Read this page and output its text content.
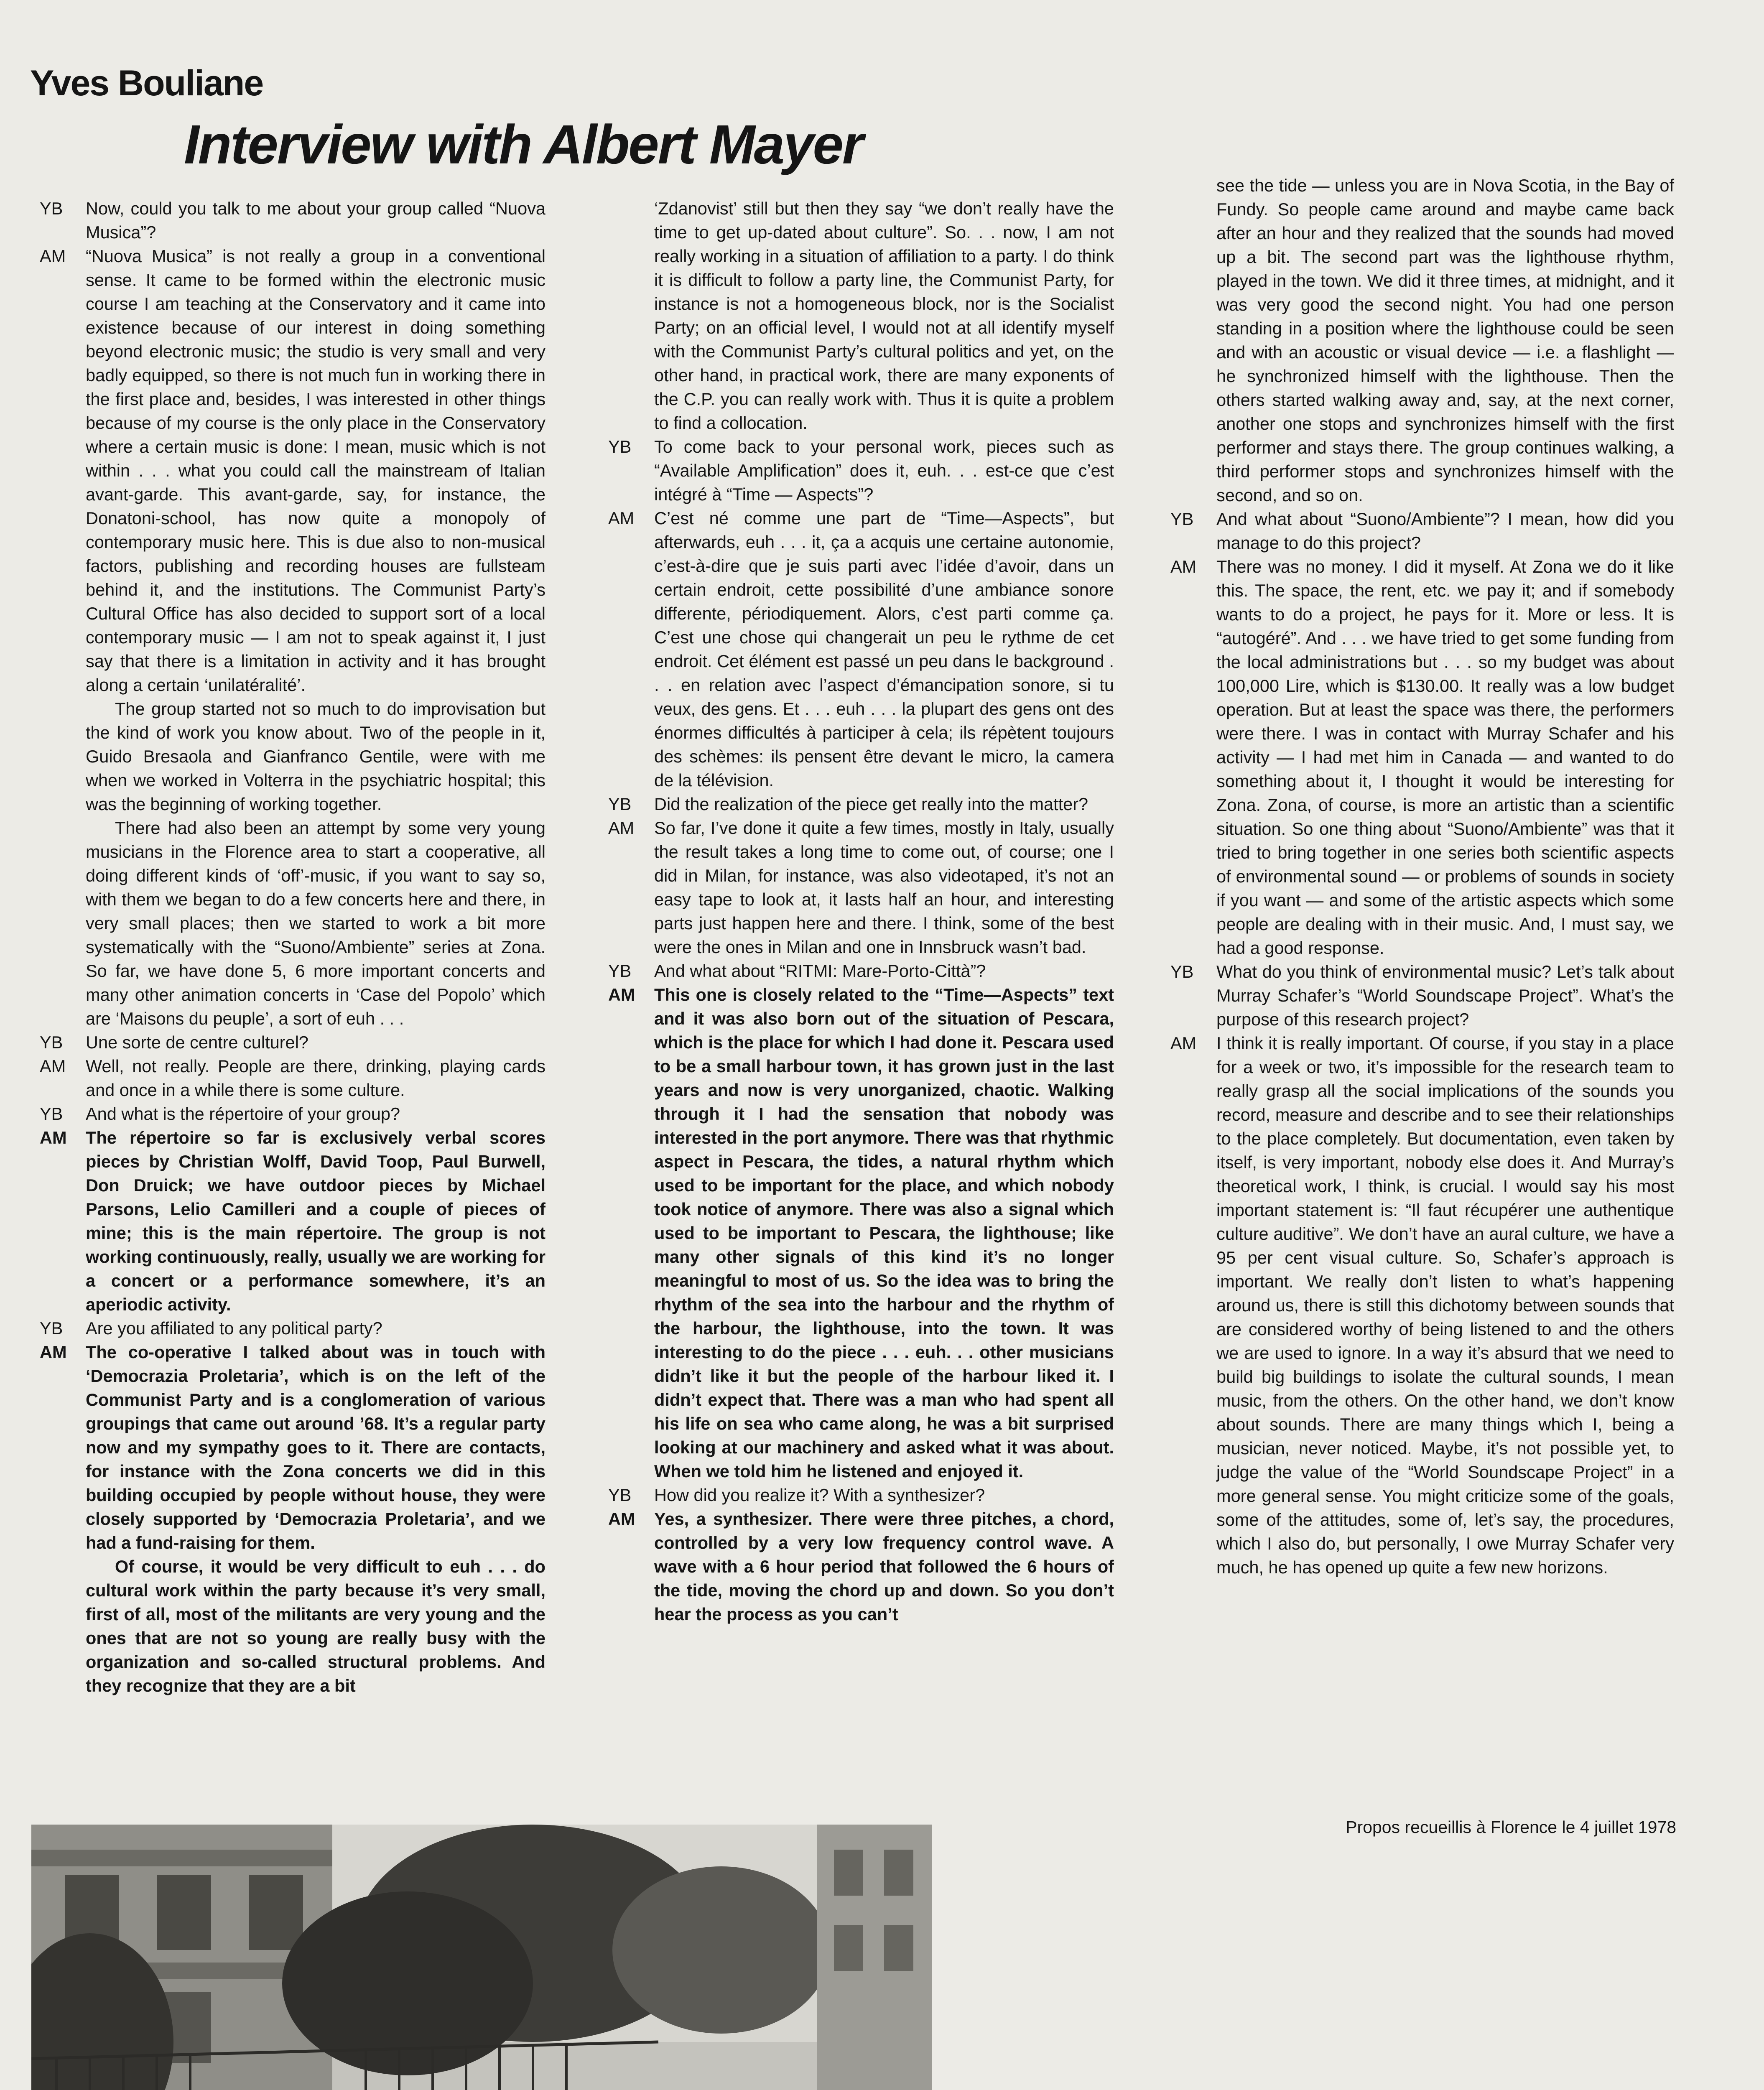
Yves Bouliane
Interview with Albert Mayer
YB	Now, could you talk to me about your group called “Nuova Musica”?
AM	“Nuova Musica” is not really a group in a conventional sense. It came to be formed within the electronic music course I am teaching at the Conservatory and it came into existence because of our interest in doing something beyond electronic music; the studio is very small and very badly equipped, so there is not much fun in working there in the first place and, besides, I was interested in other things because of my course is the only place in the Conservatory where a certain music is done: I mean, music which is not within . . . what you could call the mainstream of Italian avant-garde. This avant-garde, say, for instance, the Donatoni-school, has now quite a monopoly of contemporary music here. This is due also to non-musical factors, publishing and recording houses are fullsteam behind it, and the institutions. The Communist Party’s Cultural Office has also decided to support sort of a local contemporary music — I am not to speak against it, I just say that there is a limitation in activity and it has brought along a certain ‘unilatéralité’.
The group started not so much to do improvisation but the kind of work you know about. Two of the people in it, Guido Bresaola and Gianfranco Gentile, were with me when we worked in Volterra in the psychiatric hospital; this was the beginning of working together.
There had also been an attempt by some very young musicians in the Florence area to start a cooperative, all doing different kinds of ‘off’-music, if you want to say so, with them we began to do a few concerts here and there, in very small places; then we started to work a bit more systematically with the “Suono/Ambiente” series at Zona. So far, we have done 5, 6 more important concerts and many other animation concerts in ‘Case del Popolo’ which are ‘Maisons du peuple’, a sort of euh . . .
YB	Une sorte de centre culturel?
AM	Well, not really. People are there, drinking, playing cards and once in a while there is some culture.
YB	And what is the répertoire of your group?
AM	The répertoire so far is exclusively verbal scores pieces by Christian Wolff, David Toop, Paul Burwell, Don Druick; we have outdoor pieces by Michael Parsons, Lelio Camilleri and a couple of pieces of mine; this is the main répertoire. The group is not working continuously, really, usually we are working for a concert or a performance somewhere, it’s an aperiodic activity.
YB	Are you affiliated to any political party?
AM	The co-operative I talked about was in touch with ‘Democrazia Proletaria’, which is on the left of the Communist Party and is a conglomeration of various groupings that came out around ’68. It’s a regular party now and my sympathy goes to it. There are contacts, for instance with the Zona concerts we did in this building occupied by people without house, they were closely supported by ‘Democrazia Proletaria’, and we had a fund-raising for them.
Of course, it would be very difficult to euh . . . do cultural work within the party because it’s very small, first of all, most of the militants are very young and the ones that are not so young are really busy with the organization and so-called structural problems. And they recognize that they are a bit
‘Zdanovist’ still but then they say “we don’t really have the time to get up-dated about culture”. So. . . now, I am not really working in a situation of affiliation to a party. I do think it is difficult to follow a party line, the Communist Party, for instance is not a homogeneous block, nor is the Socialist Party; on an official level, I would not at all identify myself with the Communist Party’s cultural politics and yet, on the other hand, in practical work, there are many exponents of the C.P. you can really work with. Thus it is quite a problem to find a collocation.
YB	To come back to your personal work, pieces such as “Available Amplification” does it, euh. . . est-ce que c’est intégré à “Time — Aspects”?
AM	C’est né comme une part de “Time—Aspects”, but afterwards, euh . . . it, ça a acquis une certaine autonomie, c’est-à-dire que je suis parti avec l’idée d’avoir, dans un certain endroit, cette possibilité d’une ambiance sonore differente, périodiquement. Alors, c’est parti comme ça. C’est une chose qui changerait un peu le rythme de cet endroit. Cet élément est passé un peu dans le background . . . en relation avec l’aspect d’émancipation sonore, si tu veux, des gens. Et . . . euh . . . la plupart des gens ont des énormes difficultés à participer à cela; ils répètent toujours des schèmes: ils pensent être devant le micro, la camera de la télévision.
YB	Did the realization of the piece get really into the matter?
AM	So far, I’ve done it quite a few times, mostly in Italy, usually the result takes a long time to come out, of course; one I did in Milan, for instance, was also videotaped, it’s not an easy tape to look at, it lasts half an hour, and interesting parts just happen here and there. I think, some of the best were the ones in Milan and one in Innsbruck wasn’t bad.
YB	And what about “RITMI: Mare-Porto-Città”?
AM	This one is closely related to the “Time—Aspects” text and it was also born out of the situation of Pescara, which is the place for which I had done it. Pescara used to be a small harbour town, it has grown just in the last years and now is very unorganized, chaotic. Walking through it I had the sensation that nobody was interested in the port anymore. There was that rhythmic aspect in Pescara, the tides, a natural rhythm which used to be important for the place, and which nobody took notice of anymore. There was also a signal which used to be important to Pescara, the lighthouse; like many other signals of this kind it’s no longer meaningful to most of us. So the idea was to bring the rhythm of the sea into the harbour and the rhythm of the harbour, the lighthouse, into the town. It was interesting to do the piece . . . euh. . . other musicians didn’t like it but the people of the harbour liked it. I didn’t expect that. There was a man who had spent all his life on sea who came along, he was a bit surprised looking at our machinery and asked what it was about. When we told him he listened and enjoyed it.
YB	How did you realize it? With a synthesizer?
AM	Yes, a synthesizer. There were three pitches, a chord, controlled by a very low frequency control wave. A wave with a 6 hour period that followed the 6 hours of the tide, moving the chord up and down. So you don’t hear the process as you can’t
see the tide — unless you are in Nova Scotia, in the Bay of Fundy. So people came around and maybe came back after an hour and they realized that the sounds had moved up a bit. The second part was the lighthouse rhythm, played in the town. We did it three times, at midnight, and it was very good the second night. You had one person standing in a position where the lighthouse could be seen and with an acoustic or visual device — i.e. a flashlight — he synchronized himself with the lighthouse. Then the others started walking away and, say, at the next corner, another one stops and synchronizes himself with the first performer and stays there. The group continues walking, a third performer stops and synchronizes himself with the second, and so on.
YB	And what about “Suono/Ambiente”? I mean, how did you manage to do this project?
AM	There was no money. I did it myself. At Zona we do it like this. The space, the rent, etc. we pay it; and if somebody wants to do a project, he pays for it. More or less. It is “autogéré”. And . . . we have tried to get some funding from the local administrations but . . . so my budget was about 100,000 Lire, which is $130.00. It really was a low budget operation. But at least the space was there, the performers were there. I was in contact with Murray Schafer and his activity — I had met him in Canada — and wanted to do something about it, I thought it would be interesting for Zona. Zona, of course, is more an artistic than a scientific situation. So one thing about “Suono/Ambiente” was that it tried to bring together in one series both scientific aspects of environmental sound — or problems of sounds in society if you want — and some of the artistic aspects which some people are dealing with in their music. And, I must say, we had a good response.
YB	What do you think of environmental music? Let’s talk about Murray Schafer’s “World Soundscape Project”. What’s the purpose of this research project?
AM	I think it is really important. Of course, if you stay in a place for a week or two, it’s impossible for the research team to really grasp all the social implications of the sounds you record, measure and describe and to see their relationships to the place completely. But documentation, even taken by itself, is very important, nobody else does it. And Murray’s theoretical work, I think, is crucial. I would say his most important statement is: “Il faut récupérer une authentique culture auditive”. We don’t have an aural culture, we have a 95 per cent visual culture. So, Schafer’s approach is important. We really don’t listen to what’s happening around us, there is still this dichotomy between sounds that are considered worthy of being listened to and the others we are used to ignore. In a way it’s absurd that we need to build big buildings to isolate the cultural sounds, I mean music, from the others. On the other hand, we don’t know about sounds. There are many things which I, being a musician, never noticed. Maybe, it’s not possible yet, to judge the value of the “World Soundscape Project” in a more general sense. You might criticize some of the goals, some of the attitudes, some of, let’s say, the procedures, which I also do, but personally, I owe Murray Schafer very much, he has opened up quite a few new horizons.
Propos recueillis à Florence le 4 juillet 1978
